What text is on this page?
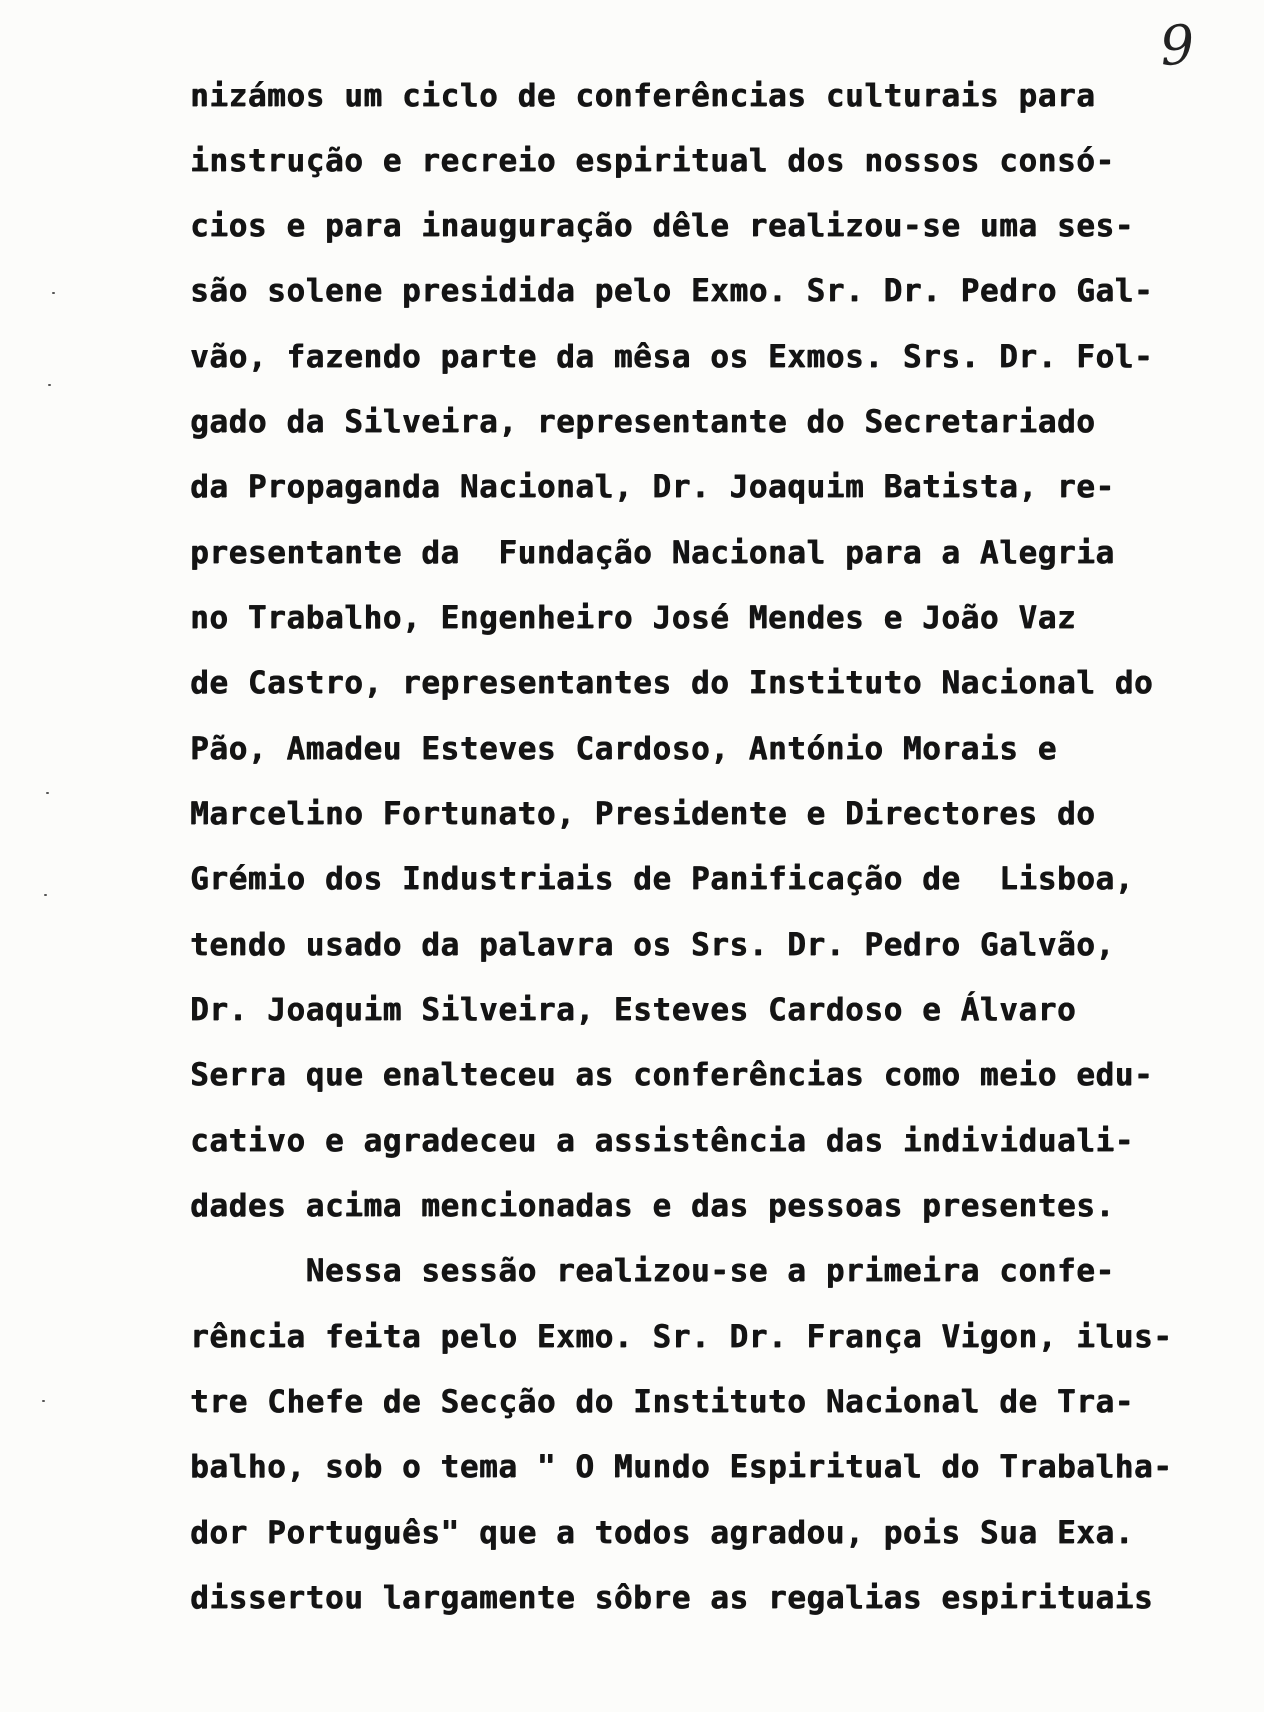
9
nizámos um ciclo de conferências culturais para
instrução e recreio espiritual dos nossos consó-
cios e para inauguração dêle realizou-se uma ses-
são solene presidida pelo Exmo. Sr. Dr. Pedro Gal-
vão, fazendo parte da mêsa os Exmos. Srs. Dr. Fol-
gado da Silveira, representante do Secretariado
da Propaganda Nacional, Dr. Joaquim Batista, re-
presentante da  Fundação Nacional para a Alegria
no Trabalho, Engenheiro José Mendes e João Vaz
de Castro, representantes do Instituto Nacional do
Pão, Amadeu Esteves Cardoso, António Morais e
Marcelino Fortunato, Presidente e Directores do
Grémio dos Industriais de Panificação de  Lisboa,
tendo usado da palavra os Srs. Dr. Pedro Galvão,
Dr. Joaquim Silveira, Esteves Cardoso e Álvaro
Serra que enalteceu as conferências como meio edu-
cativo e agradeceu a assistência das individuali-
dades acima mencionadas e das pessoas presentes.
Nessa sessão realizou-se a primeira confe-
rência feita pelo Exmo. Sr. Dr. França Vigon, ilus-
tre Chefe de Secção do Instituto Nacional de Tra-
balho, sob o tema " O Mundo Espiritual do Trabalha-
dor Português" que a todos agradou, pois Sua Exa.
dissertou largamente sôbre as regalias espirituais
